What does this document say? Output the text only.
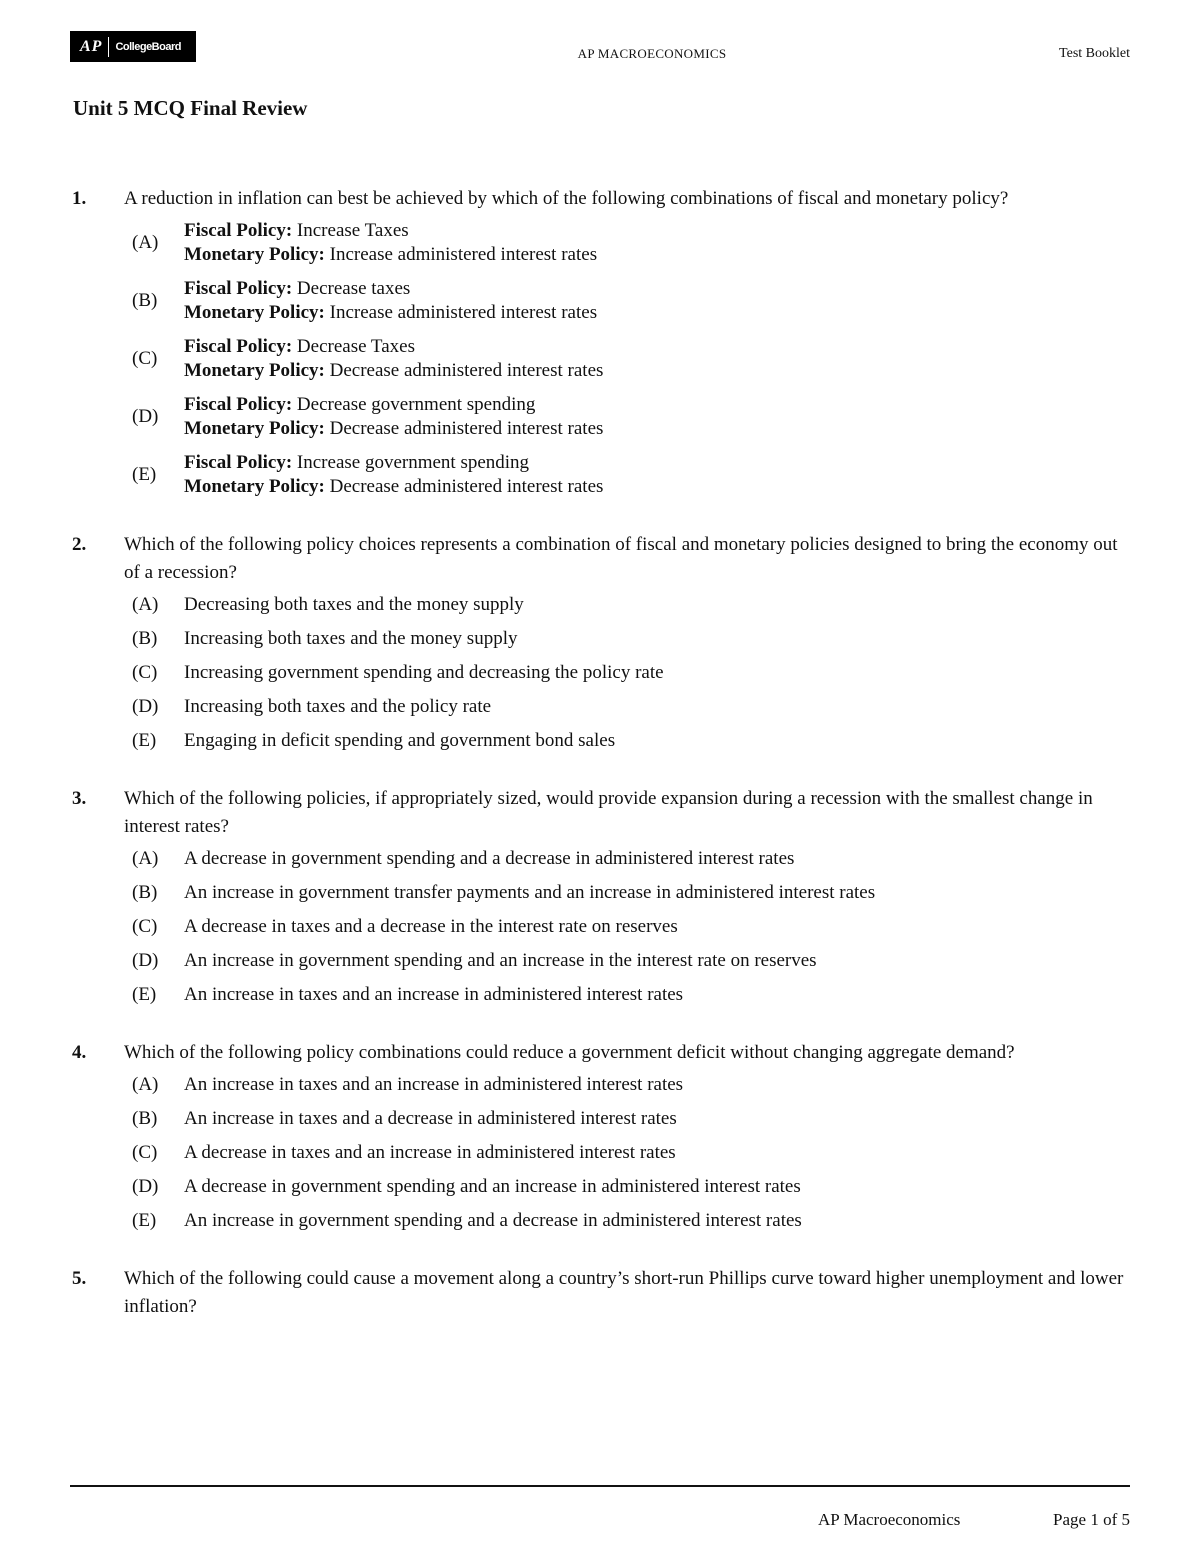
AP CollegeBoard	AP MACROECONOMICS	Test Booklet
Unit 5 MCQ Final Review
1. A reduction in inflation can best be achieved by which of the following combinations of fiscal and monetary policy?
(A)
Fiscal Policy: Increase Taxes
Monetary Policy: Increase administered interest rates
(B)
Fiscal Policy: Decrease taxes
Monetary Policy: Increase administered interest rates
(C)
Fiscal Policy: Decrease Taxes
Monetary Policy: Decrease administered interest rates
(D)
Fiscal Policy: Decrease government spending
Monetary Policy: Decrease administered interest rates
(E)
Fiscal Policy: Increase government spending
Monetary Policy: Decrease administered interest rates
2. Which of the following policy choices represents a combination of fiscal and monetary policies designed to bring the economy out of a recession?
(A)	Decreasing both taxes and the money supply
(B)	Increasing both taxes and the money supply
(C)	Increasing government spending and decreasing the policy rate
(D)	Increasing both taxes and the policy rate
(E)	Engaging in deficit spending and government bond sales
3. Which of the following policies, if appropriately sized, would provide expansion during a recession with the smallest change in interest rates?
(A)	A decrease in government spending and a decrease in administered interest rates
(B)	An increase in government transfer payments and an increase in administered interest rates
(C)	A decrease in taxes and a decrease in the interest rate on reserves
(D)	An increase in government spending and an increase in the interest rate on reserves
(E)	An increase in taxes and an increase in administered interest rates
4. Which of the following policy combinations could reduce a government deficit without changing aggregate demand?
(A)	An increase in taxes and an increase in administered interest rates
(B)	An increase in taxes and a decrease in administered interest rates
(C)	A decrease in taxes and an increase in administered interest rates
(D)	A decrease in government spending and an increase in administered interest rates
(E)	An increase in government spending and a decrease in administered interest rates
5. Which of the following could cause a movement along a country’s short-run Phillips curve toward higher unemployment and lower inflation?
AP Macroeconomics	Page 1 of 5
